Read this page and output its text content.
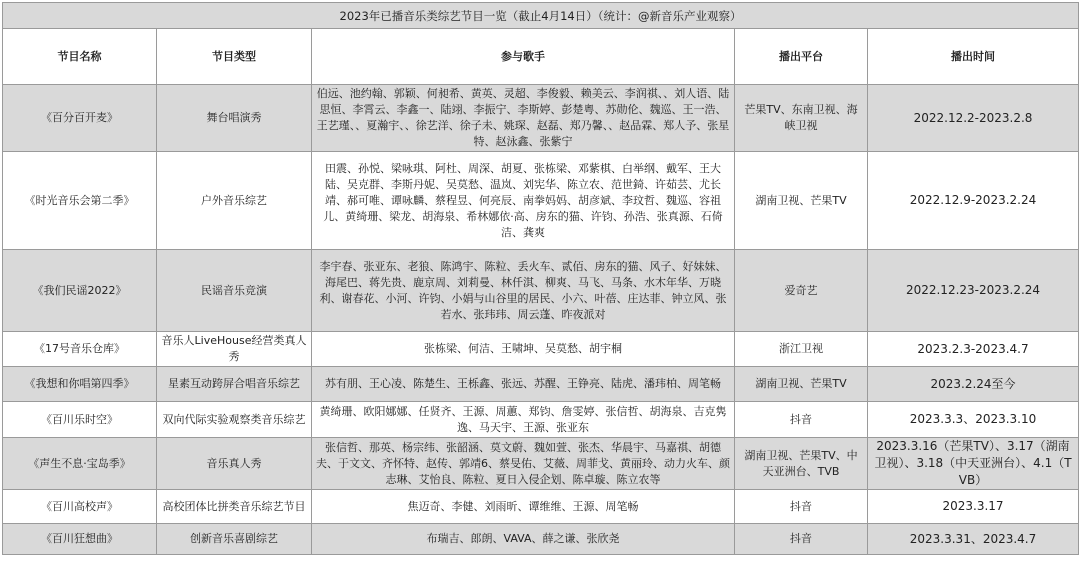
2023年已播音乐类综艺节目一览（截止4月14日）（统计：@新音乐产业观察）				
节目名称	节目类型	参与歌手	播出平台	播出时间
《百分百开麦》	舞台唱演秀	伯远、池约翰、郭颖、何昶希、黄英、灵超、李俊毅、赖美云、李润祺、、刘人语、陆思恒、李霄云、李鑫一、陆翊、李振宁、李斯婷、彭楚粤、苏勋伦、魏巡、王一浩、王艺瑾、、夏瀚宇、、徐艺洋、徐子未、姚琛、赵磊、郑乃馨、、赵品霖、郑人予、张星特、赵泳鑫、张紫宁	芒果TV、东南卫视、海峡卫视	2022.12.2-2023.2.8
《时光音乐会第二季》	户外音乐综艺	田震、孙悦、梁咏琪、阿杜、周深、胡夏、张栋梁、邓紫棋、白举纲、戴军、王大陆、吴克群、李斯丹妮、吴莫愁、温岚、刘宪华、陈立农、范世錡、许茹芸、尤长靖、郝可唯、谭咏麟、蔡程昱、何亮辰、南拳妈妈、胡彦斌、李玟哲、魏巡、容祖儿、黄绮珊、梁龙、胡海泉、希林娜依·高、房东的猫、许钧、孙浩、张真源、石倚洁、龚爽	湖南卫视、芒果TV	2022.12.9-2023.2.24
《我们民谣2022》	民谣音乐竞演	李宇春、张亚东、老狼、陈鸿宇、陈粒、丢火车、贰佰、房东的猫、风子、好妹妹、海尾巴、蒋先贵、鹿京周、刘莉曼、林仟淇、柳爽、马飞、马条、水木年华、万晓利、谢春花、小河、许钧、小娟与山谷里的居民、小六、叶蓓、庄达菲、钟立风、张若水、张玮玮、周云蓬、昨夜派对	爱奇艺	2022.12.23-2023.2.24
《17号音乐仓库》	音乐人LiveHouse经营类真人秀	张栋梁、何洁、王啸坤、吴莫愁、胡宇桐	浙江卫视	2023.2.3-2023.4.7
《我想和你唱第四季》	星素互动跨屏合唱音乐综艺	苏有朋、王心凌、陈楚生、王栎鑫、张远、苏醒、王铮亮、陆虎、潘玮柏、周笔畅	湖南卫视、芒果TV	2023.2.24至今
《百川乐时空》	双向代际实验观察类音乐综艺	黄绮珊、欧阳娜娜、任贤齐、王源、周蕙、郑钧、詹雯婷、张信哲、胡海泉、吉克隽逸、马天宇、王源、张亚东	抖音	2023.3.3、2023.3.10
《声生不息·宝岛季》	音乐真人秀	张信哲、那英、杨宗纬、张韶涵、莫文蔚、魏如萱、张杰、华晨宇、马嘉祺、胡德夫、于文文、齐怀特、赵传、郭靖6、蔡旻佑、艾薇、周菲戈、黄丽玲、动力火车、颜志琳、艾怡良、陈粒、夏日入侵企划、陈卓璇、陈立农等	湖南卫视、芒果TV、中天亚洲台、TVB	2023.3.16（芒果TV）、3.17（湖南卫视）、3.18（中天亚洲台）、4.1（TVB）
《百川高校声》	高校团体比拼类音乐综艺节目	焦迈奇、李健、刘雨昕、谭维维、王源、周笔畅	抖音	2023.3.17
《百川狂想曲》	创新音乐喜剧综艺	布瑞吉、郎朗、VAVA、薛之谦、张欣尧	抖音	2023.3.31、2023.4.7
